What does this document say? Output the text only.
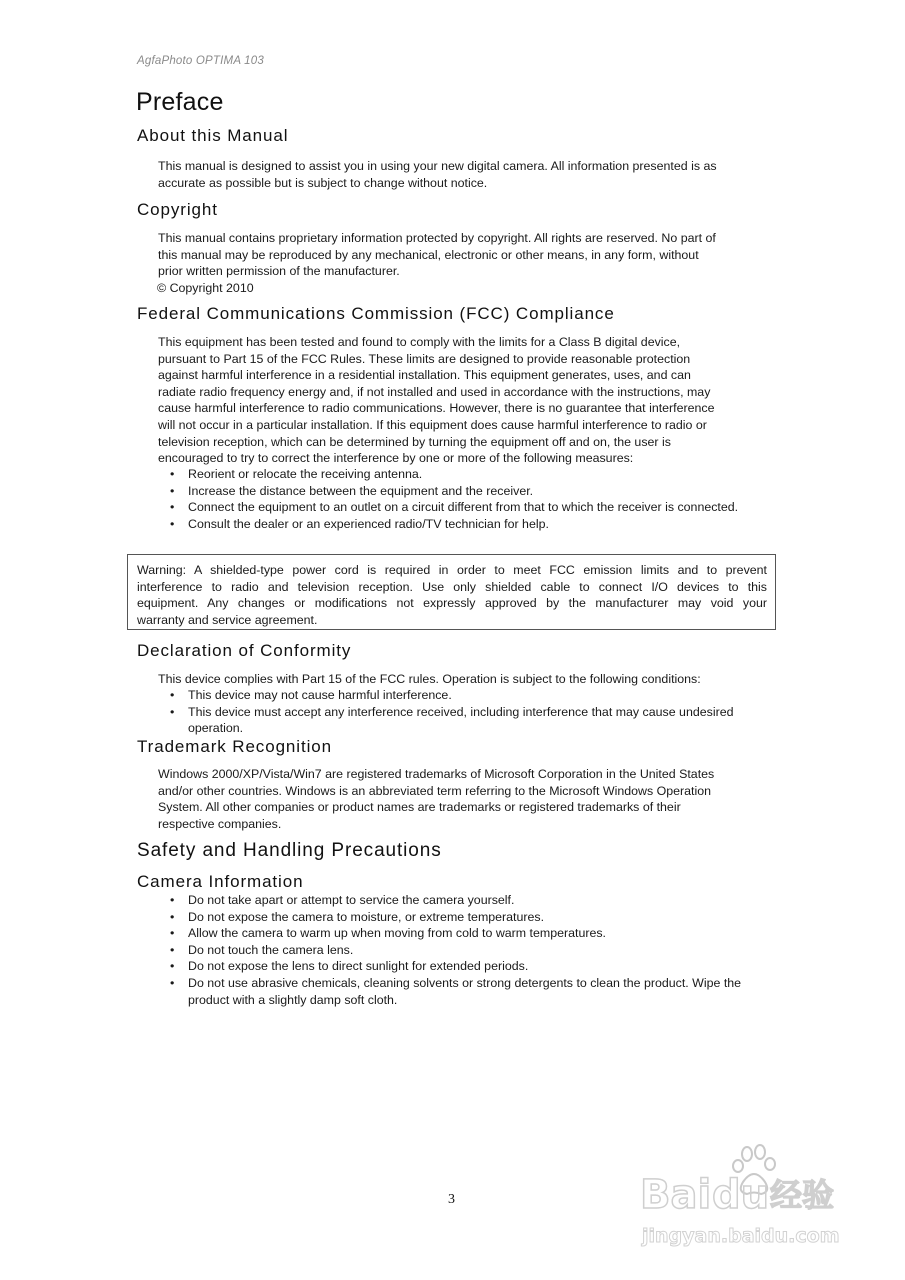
AgfaPhoto OPTIMA 103
Preface
About this Manual
This manual is designed to assist you in using your new digital camera. All information presented is as
accurate as possible but is subject to change without notice.
Copyright
This manual contains proprietary information protected by copyright. All rights are reserved. No part of
this manual may be reproduced by any mechanical, electronic or other means, in any form, without
prior written permission of the manufacturer.
© Copyright 2010
Federal Communications Commission (FCC) Compliance
This equipment has been tested and found to comply with the limits for a Class B digital device,
pursuant to Part 15 of the FCC Rules. These limits are designed to provide reasonable protection
against harmful interference in a residential installation. This equipment generates, uses, and can
radiate radio frequency energy and, if not installed and used in accordance with the instructions, may
cause harmful interference to radio communications. However, there is no guarantee that interference
will not occur in a particular installation. If this equipment does cause harmful interference to radio or
television reception, which can be determined by turning the equipment off and on, the user is
encouraged to try to correct the interference by one or more of the following measures:
• Reorient or relocate the receiving antenna.
• Increase the distance between the equipment and the receiver.
• Connect the equipment to an outlet on a circuit different from that to which the receiver is connected.
• Consult the dealer or an experienced radio/TV technician for help.
Warning: A shielded-type power cord is required in order to meet FCC emission limits and to prevent
interference to radio and television reception. Use only shielded cable to connect I/O devices to this
equipment. Any changes or modifications not expressly approved by the manufacturer may void your
warranty and service agreement.
Declaration of Conformity
This device complies with Part 15 of the FCC rules. Operation is subject to the following conditions:
• This device may not cause harmful interference.
• This device must accept any interference received, including interference that may cause undesired operation.
Trademark Recognition
Windows 2000/XP/Vista/Win7 are registered trademarks of Microsoft Corporation in the United States
and/or other countries. Windows is an abbreviated term referring to the Microsoft Windows Operation
System. All other companies or product names are trademarks or registered trademarks of their
respective companies.
Safety and Handling Precautions
Camera Information
• Do not take apart or attempt to service the camera yourself.
• Do not expose the camera to moisture, or extreme temperatures.
• Allow the camera to warm up when moving from cold to warm temperatures.
• Do not touch the camera lens.
• Do not expose the lens to direct sunlight for extended periods.
• Do not use abrasive chemicals, cleaning solvents or strong detergents to clean the product. Wipe the product with a slightly damp soft cloth.
3	Bai du 经验
jingyan.baidu.com
